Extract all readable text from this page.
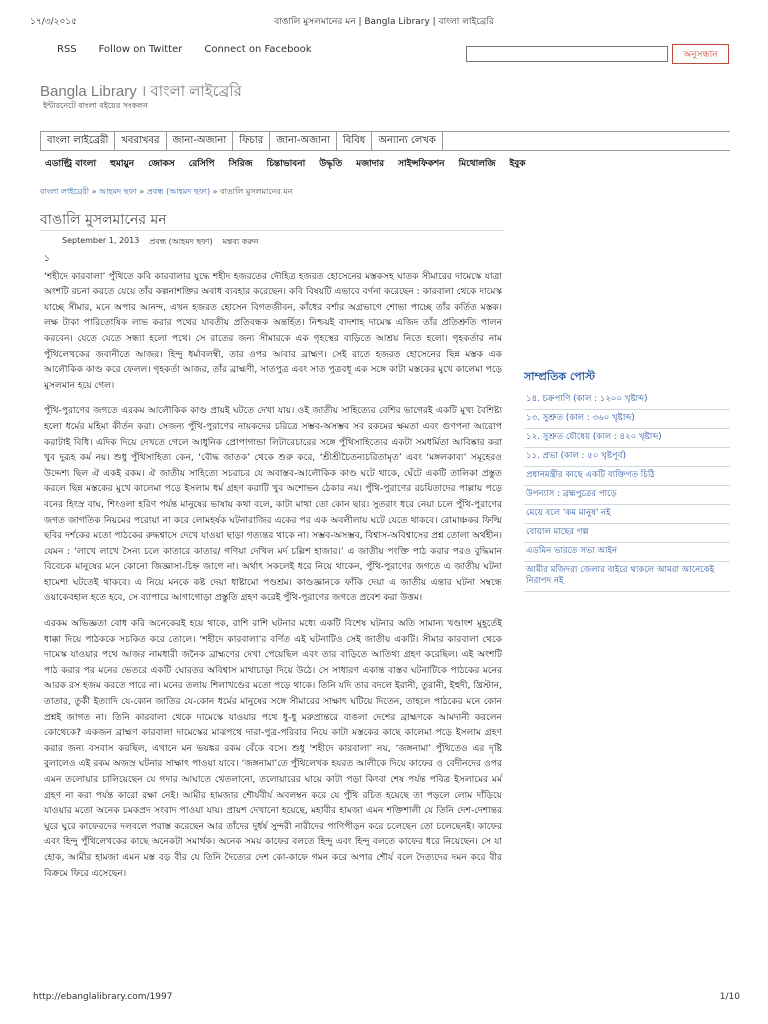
১৭/৩/২০১৫	বাঙালি মুসলমানের মন | Bangla Library | বাংলা লাইব্রেরি
RSS Follow on Twitter Connect on Facebook	অনুসন্ধান
Bangla Library । বাংলা লাইব্রেরি
ইন্টারনেটে বাংলা বইয়ের সংকলন
বাংলা লাইব্রেরী	খবরাখবর	জানা-অজানা	ফিচার	জানা-অজানা	বিবিধ	অন্যান্য লেখক
এডাল্ট্রি বাংলা হুমায়ুন জোকস রেসিপি সিরিজ চিন্তাভাবনা উদ্ধৃতি মজাদার সাইন্সফিকশন মিথোলজি ইবুক
বাংলা লাইব্রেরী » আহমদ ছফা » প্রবন্ধ (আহমদ ছফা) » বাঙালি মুসলমানের মন
বাঙালি মুসলমানের মন
September 1, 2013 প্রবন্ধ (আহমদ ছফা) মন্তব্য করুন

১

‘শহীদে কারবালা’ পুঁথিতে কবি কারবালার যুদ্ধে শহীদ হজরতের দৌহিত্র হজরত হোসেনের মস্তকসহ ঘাতক সীমারের দামেস্কে যাত্রা অংশটি রচনা করতে যেয়ে তাঁর কল্পনাশক্তির অবাধ ব্যবহার করেছেন। কবি বিষয়টি এভাবে বর্ণনা করেছেন : কারবালা থেকে দামেস্ক যাচ্ছে সীমার, মনে অপার আনন্দ, এখন হজরত হোসেন বিগতজীবন, কাঁধের বর্শার অগ্রভাগে শোভা পাচ্ছে তাঁর কর্তিত মস্তক। লক্ষ টাকা পারিতোষিক লাভ করার পথের যাবতীয় প্রতিবন্ধক অন্তর্হিত। নিশ্চয়ই বাদশাহ দামেস্ক এজিদ তাঁর প্রতিশ্রুতি পালন করবেন। যেতে যেতে সন্ধ্যা হলো পথে। সে রাতের জন্য সীমারকে এক গৃহস্থের বাড়িতে আশ্রয় নিতে হলো। গৃহকর্তার নাম পুঁথিলেখকের জবানীতে আজর। হিন্দু ধর্মাবলম্বী, তার ওপর আবার ব্রাহ্মণ। সেই রাতে হজরত হোসেনের ছিন্ন মস্তক এক আলৌকিক কাণ্ড করে ফেলল। গৃহকর্তা আজর, তাঁর ব্রাহ্মণী, সাতপুত্র এবং সাত পুত্রবধূ এক সঙ্গে কাটা মস্তকের মুখে কালেমা পড়ে মুসলমান হয়ে গেল।

পুঁথি-পুরাণের জগতে এরকম আলৌকিক কাণ্ড প্রায়ই ঘটতে দেখা যায়। ওই জাতীয় সাহিত্যের বেশির ভাগেরই একটি মুখ্য বৈশিষ্ট্য হলো ধর্মের মহিমা কীর্তন করা। সেজন্য পুঁথি-পুরাণের নায়কদের চরিত্রে সম্ভব-অসম্ভব সব রকমের ক্ষমতা এবং গুণপনা আরোপ করাটাই বিধি। এদিক দিয়ে দেখতে গেলে আধুনিক প্রোপাগান্ডা লিটারেচারের সঙ্গে পুঁথিসাহিত্যের একটা সমধর্মিতা আবিষ্কার করা খুব দুরূহ কর্ম নয়। শুধু পুঁথিসাহিত্য কেন, ‘বৌদ্ধ জাতক’ থেকে শুরু করে, ‘শ্রীশ্রীচৈতন্যচরিতামৃত’ এবং ‘মঙ্গলকাব্য’ সমূহেরও উদ্দেশ্য ছিল ঐ একই রকম। ঐ জাতীয় সাহিত্যে সচরাচর যে অবাস্তব-আলৌকিক কাণ্ড ঘটে থাকে, ঘেঁটে একটি তালিকা প্রস্তুত করলে ছিন্ন মস্তকের মুখে কালেমা পড়ে ইসলাম ধর্ম গ্রহণ করাটি খুব অশোভন ঠেকার নয়। পুঁথি-পুরাণের রচয়িতাদের পাল্লায় পড়ে বনের হিংস্র বাঘ, শিংওলা হরিণ পর্যন্ত মানুষের ভাষায় কথা বলে, কাটা মাথা তো কোন ছার। সুতরাং ধরে নেয়া চলে পুঁথি-পুরাণের জগত জাগতিক নিয়মের পরোয়া না করে লোমহর্ষক ঘটনারাজির একের পর এক অবলীলায় ঘটে যেতে থাকবে। রোমাঞ্চকর ফিল্মি ছবির দর্শকের মতো পাঠকের রুদ্ধশ্বাসে দেখে যাওয়া ছাড়া গত্যন্তর থাকে না। সম্ভব-অসম্ভব, বিশ্বাস-অবিশ্বাসের প্রশ্ন তোলা অর্থহীন। যেমন : ‘লাখে লাখে সৈন্য চলে কাতারে কাতার/ গণিয়া দেখিল মর্দ চল্লিশ হাজার।’ এ জাতীয় পংক্তি পাঠ করার পরও বুদ্ধিমান বিবেচক মানুষের মনে কোনো জিজ্ঞাসা-চিহ্ন জাগে না। অর্থাৎ সকলেই ধরে নিয়ে থাকেন, পুঁথি-পুরাণের জগতে এ জাতীয় ঘটনা হামেশা ঘটতেই থাকবে। এ নিয়ে মনকে কষ্ট দেয়া ধাষ্টামো পণ্ডশ্রম। কাণ্ডজ্ঞানকে ফাঁকি দেয়া এ জাতীয় এন্তার ঘটনা সম্বন্ধে ওয়াকেবহাল হতে হবে, সে ব্যাপারে আগাগোড়া প্রস্তুতি গ্রহণ করেই পুঁথি-পুরাণের জগতে প্রবেশ করা উত্তম।

এরকম অভিজ্ঞতা বোধ করি অনেকেরই হয়ে থাকে, রাশি রাশি ঘটনার মধ্যে একটি বিশেষ ঘটনার অতি সামান্য খণ্ডাংশ মুহূর্তেই ধাক্কা দিয়ে পাঠককে সচকিত করে তোলে। ‘শহীদে কারবালা’র বর্ণিত এই ঘটনাটিও সেই জাতীয় একটি। সীমার কারবালা থেকে দামেস্ক যাওয়ার পথে আজর নামধারী জনৈক ব্রাহ্মণের দেখা পেয়েছিল এবং তার বাড়িতে আতিথ্য গ্রহণ করেছিল। এই অংশটি পাঠ করার পর মনের ভেতরে একটি ঘোরতর অবিশ্বাস মাথাচাড়া দিয়ে উঠে। সে সাধারণ একান্ত বাস্তব ঘটনাটিকে পাঠকের মনের আরক রস হজম করতে পারে না। মনের তলায় শিলাখণ্ডের মতো পড়ে থাকে। তিনি যদি তার বদলে ইরানী, তুরানী, ইহুদী, খ্রিস্টান, তাতার, তুর্কী ইত্যাদি যে-কোন জাতির যে-কোন ধর্মের মানুষের সঙ্গে সীমারের সাক্ষাৎ ঘটিয়ে দিতেন, তাহলে পাঠকের মনে কোন প্রশ্নই জাগত না। তিনি কারবালা থেকে দামেস্কে যাওয়ার পথে ধু-ধু মরুপ্রান্তরে বাঙলা দেশের ব্রাহ্মণকে আমদানী করলেন কোথেকে? একজন ব্রাহ্মণ কারবালা দামেস্কের মাঝপথে দারা-পুত্র-পরিবার নিয়ে কাটা মস্তকের কাছে কালেমা পড়ে ইসলাম গ্রহণ করার জন্য বসবাস করছিল, এখানে মন ভয়ঙ্কর রকম বেঁকে বসে। শুধু ‘শহীদে কারবালা’ নয়, ‘জঙ্গনামা’ পুঁথিতেও এর দৃষ্টি বুলালেও এই রকম অজস্র ঘটনার সাক্ষাৎ পাওয়া যাবে। ‘জঙ্গনামা’তে পুঁথিলেখক হযরত আলীকে দিয়ে কাফের ও বেদীনদের ওপর এমন তলোয়ার চালিয়েছেন যে গদার আঘাতে থেতলানো, তলোয়ারের ঘায়ে কাটা পড়া কিংবা শেষ পর্যন্ত পবিত্র ইসলামের মর্ম গ্রহণ না করা পর্যন্ত কারো রক্ষা নেই। আমীর হামজার শৌর্যবীর্য অবলম্বন করে যে পুঁথি রচিত হয়েছে তা পড়লে লোম দাঁড়িয়ে যাওয়ার মতো অনেক চমকপ্রদ সংবাদ পাওয়া যায়। প্রায়শ দেখানো হয়েছে, মহাবীর হামজা এমন শক্তিশালী যে তিনি দেশ-দেশান্তর ঘুরে ঘুরে কাফেরদের দলবলে পরাস্ত করেছেন আর তাঁদের দুর্ধর্ষ সুন্দরী নারীদের পাণিপীড়ন করে চলেছেন তো চলেছেনই। কাফের এবং হিন্দু পুঁথিলেখকের কাছে অনেকটা সমার্থক। অনেক সময় কাফের বলতে হিন্দু এবং হিন্দু বলতে কাফের ধরে নিয়েছেন। সে যা হোক, আমীর হামজা এমন মস্ত বড় বীর যে তিনি দৈত্যের দেশ কো-কাফে গমন করে অপার শৌর্য বলে দৈত্যদের দমন করে বীর বিক্রমে ফিরে এসেছেন।

সাম্প্রতিক পোস্ট
১৪. চক্রপাণি (কাল : ১২০০ খৃষ্টাব্দ)
১৩. সুশ্রুত (কাল : ৩৬০ খৃষ্টাব্দ)
১২. সুশ্রুত যৌধেয় (কাল : ৪২০ খৃষ্টাব্দ)
১১. প্রভা (কাল : ৫০ খৃষ্টপূর্ব)
প্রধানমন্ত্রীর কাছে একটি ব্যক্তিগত চিঠি
উপন্যাস : ব্রহ্মপুত্রের পাড়ে
মেয়ে বলে 'কম মানুষ' নই
বোয়াল মাছের গল্প
এডমিন ভারতে সভা আইন
আমীর মজিদরা জেলার বাইরে থাকলে আমরা আনেকেই নিরাপদ নই
http://ebanglalibrary.com/1997	1/10
